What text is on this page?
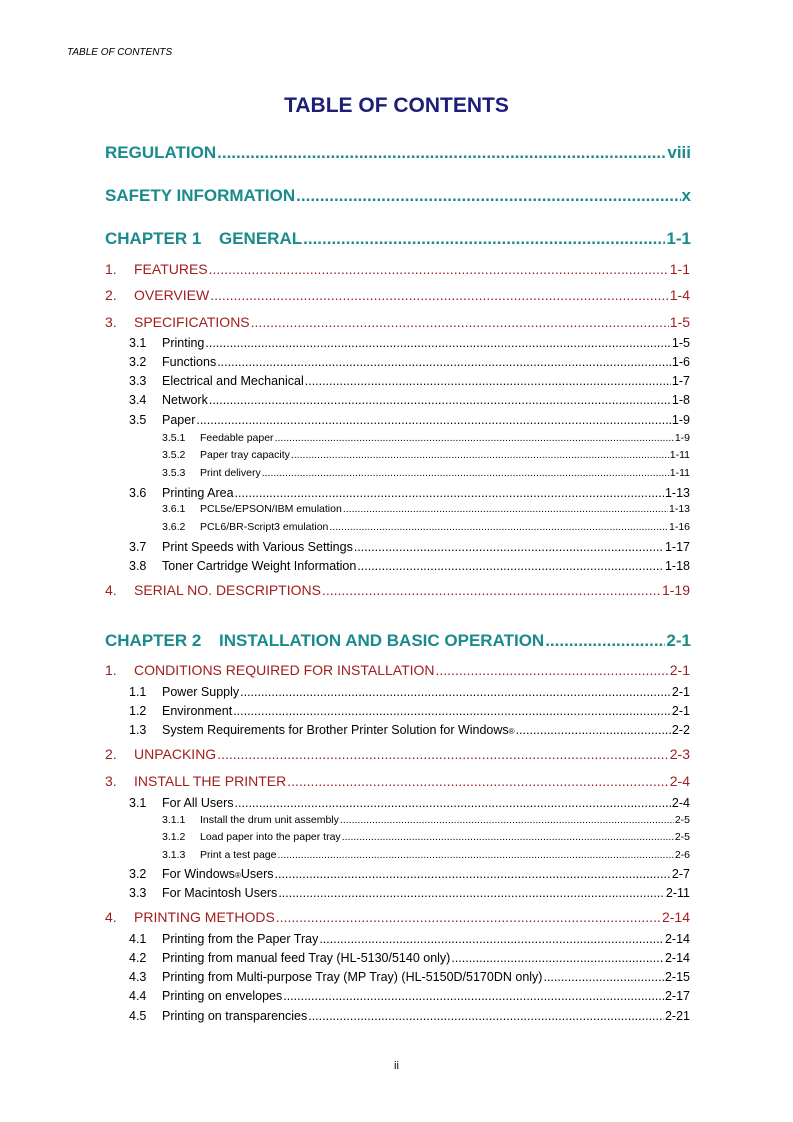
TABLE OF CONTENTS
TABLE OF CONTENTS
REGULATION .....	viii
SAFETY INFORMATION .....	x
CHAPTER 1	GENERAL .....	1-1
1.	FEATURES .....	1-1
2.	OVERVIEW .....	1-4
3.	SPECIFICATIONS .....	1-5
3.1	Printing .....	1-5
3.2	Functions .....	1-6
3.3	Electrical and Mechanical .....	1-7
3.4	Network .....	1-8
3.5	Paper .....	1-9
3.5.1	Feedable paper .....	1-9
3.5.2	Paper tray capacity .....	1-11
3.5.3	Print delivery .....	1-11
3.6	Printing Area .....	1-13
3.6.1	PCL5e/EPSON/IBM emulation .....	1-13
3.6.2	PCL6/BR-Script3 emulation .....	1-16
3.7	Print Speeds with Various Settings .....	1-17
3.8	Toner Cartridge Weight Information .....	1-18
4.	SERIAL NO. DESCRIPTIONS .....	1-19
CHAPTER 2	INSTALLATION AND BASIC OPERATION .....	2-1
1.	CONDITIONS REQUIRED FOR INSTALLATION .....	2-1
1.1	Power Supply .....	2-1
1.2	Environment .....	2-1
1.3	System Requirements for Brother Printer Solution for Windows ® .....	2-2
2.	UNPACKING .....	2-3
3.	INSTALL THE PRINTER .....	2-4
3.1	For All Users .....	2-4
3.1.1	Install the drum unit assembly .....	2-5
3.1.2	Load paper into the paper tray .....	2-5
3.1.3	Print a test page .....	2-6
3.2	For Windows ® Users .....	2-7
3.3	For Macintosh Users .....	2-11
4.	PRINTING METHODS .....	2-14
4.1	Printing from the Paper Tray .....	2-14
4.2	Printing from manual feed Tray (HL-5130/5140 only) .....	2-14
4.3	Printing from Multi-purpose Tray (MP Tray) (HL-5150D/5170DN only) .....	2-15
4.4	Printing on envelopes .....	2-17
4.5	Printing on transparencies .....	2-21
ii
